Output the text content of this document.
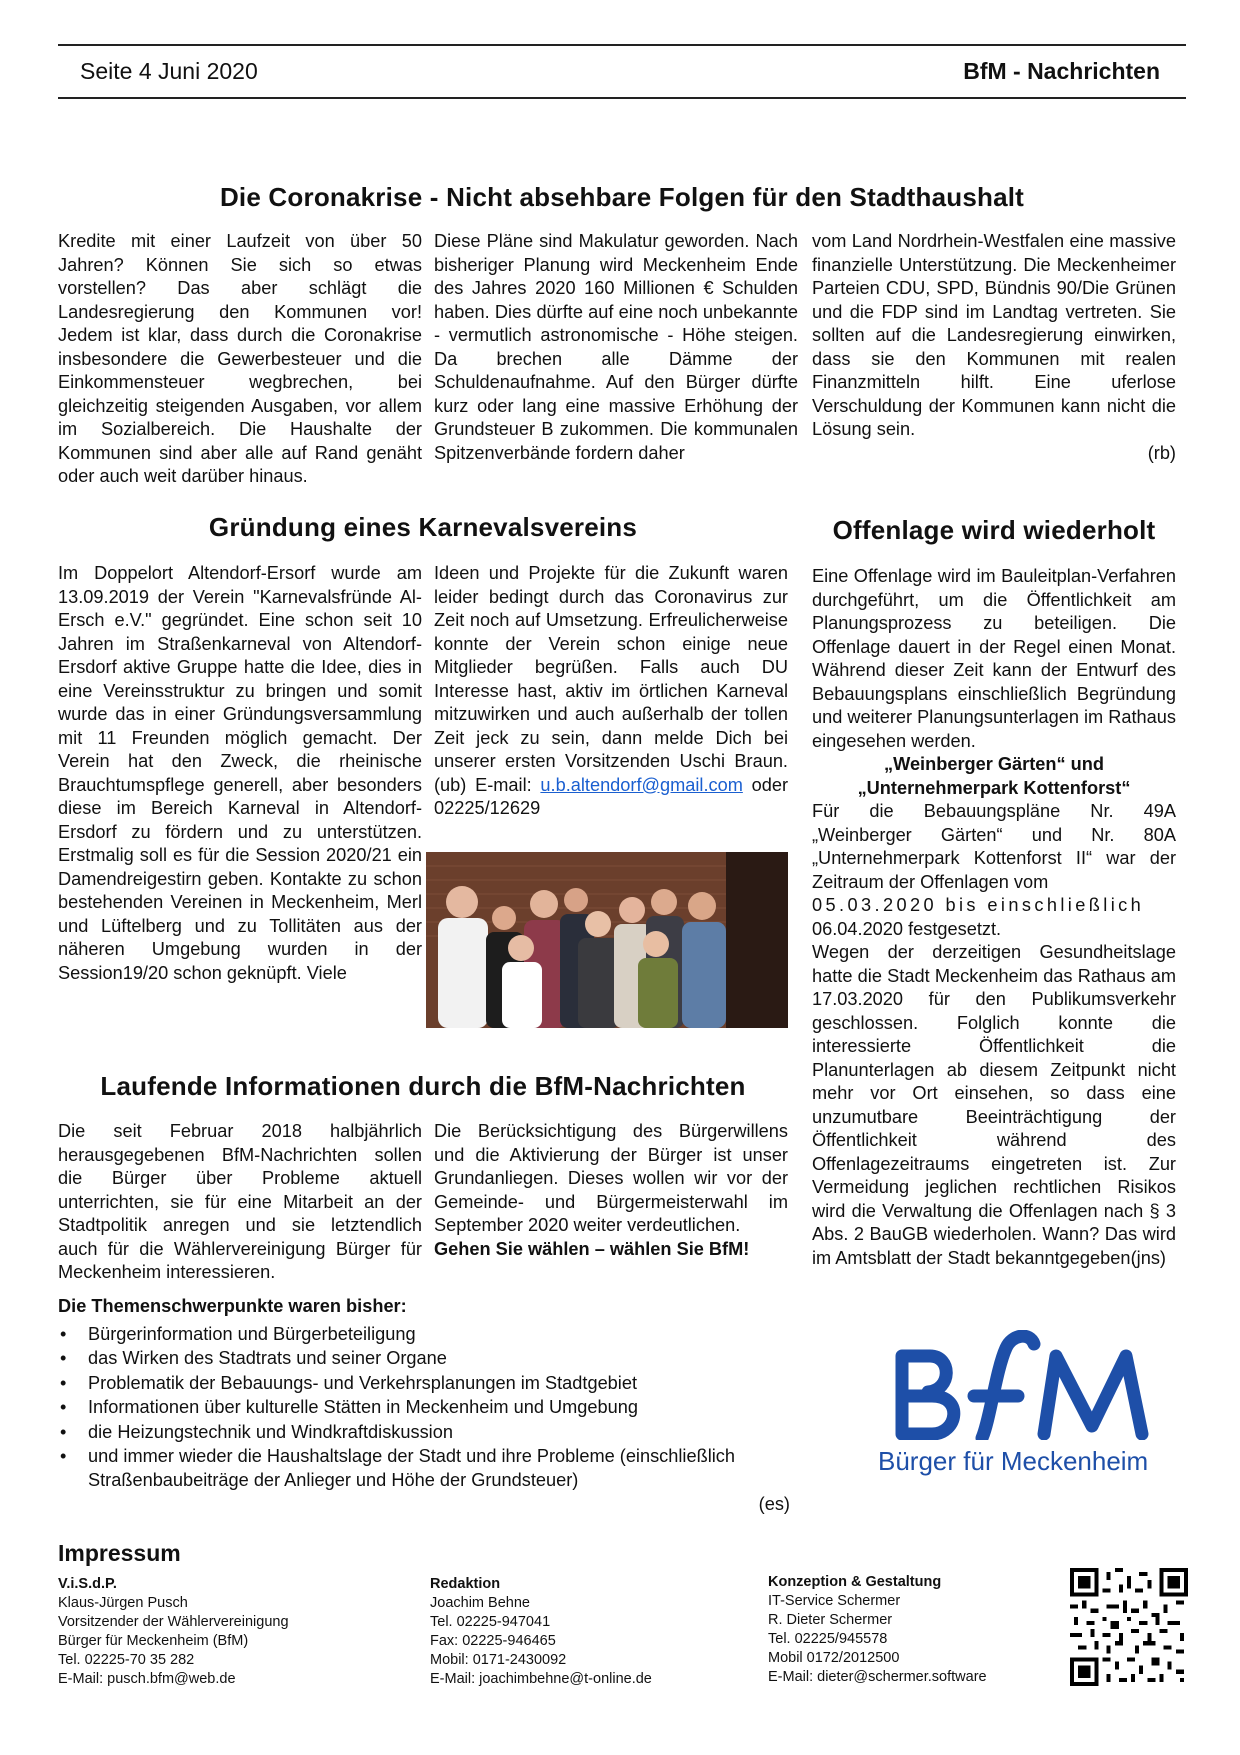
Seite 4 Juni 2020	BfM - Nachrichten
Die Coronakrise - Nicht absehbare Folgen für den Stadthaushalt

Kredite mit einer Laufzeit von über 50 Jahren? Können Sie sich so etwas vorstellen? Das aber schlägt die Landesregierung den Kommunen vor! Jedem ist klar, dass durch die Coronakrise insbesondere die Gewerbesteuer und die Einkommensteuer wegbrechen, bei gleichzeitig steigenden Ausgaben, vor allem im Sozialbereich. Die Haushalte der Kommunen sind aber alle auf Rand genäht oder auch weit darüber hinaus.

Diese Pläne sind Makulatur geworden. Nach bisheriger Planung wird Meckenheim Ende des Jahres 2020 160 Millionen € Schulden haben. Dies dürfte auf eine noch unbekannte - vermutlich astronomische - Höhe steigen. Da brechen alle Dämme der Schuldenaufnahme. Auf den Bürger dürfte kurz oder lang eine massive Erhöhung der Grundsteuer B zukommen. Die kommunalen Spitzenverbände fordern daher

vom Land Nordrhein-Westfalen eine massive finanzielle Unterstützung. Die Meckenheimer Parteien CDU, SPD, Bündnis 90/Die Grünen und die FDP sind im Landtag vertreten. Sie sollten auf die Landesregierung einwirken, dass sie den Kommunen mit realen Finanzmitteln hilft. Eine uferlose Verschuldung der Kommunen kann nicht die Lösung sein.

(rb)
Gründung eines Karnevalsvereins

Im Doppelort Altendorf-Ersorf wurde am 13.09.2019 der Verein "Karnevalsfründe Al-Ersch e.V." gegründet. Eine schon seit 10 Jahren im Straßenkarneval von Altendorf-Ersdorf aktive Gruppe hatte die Idee, dies in eine Vereinsstruktur zu bringen und somit wurde das in einer Gründungsversammlung mit 11 Freunden möglich gemacht. Der Verein hat den Zweck, die rheinische Brauchtumspflege generell, aber besonders diese im Bereich Karneval in Altendorf-Ersdorf zu fördern und zu unterstützen. Erstmalig soll es für die Session 2020/21 ein Damendreigestirn geben. Kontakte zu schon bestehenden Vereinen in Meckenheim, Merl und Lüftelberg und zu Tollitäten aus der näheren Umgebung wurden in der Session19/20 schon geknüpft. Viele

Ideen und Projekte für die Zukunft waren leider bedingt durch das Coronavirus zur Zeit noch auf Umsetzung. Erfreulicherweise konnte der Verein schon einige neue Mitglieder begrüßen. Falls auch DU Interesse hast, aktiv im örtlichen Karneval mitzuwirken und auch außerhalb der tollen Zeit jeck zu sein, dann melde Dich bei unserer ersten Vorsitzenden Uschi Braun. (ub) E-mail: u.b.altendorf@gmail.com oder 02225/12629

Offenlage wird wiederholt

Eine Offenlage wird im Bauleitplan-Verfahren durchgeführt, um die Öffentlichkeit am Planungsprozess zu beteiligen. Die Offenlage dauert in der Regel einen Monat. Während dieser Zeit kann der Entwurf des Bebauungsplans einschließlich Begründung und weiterer Planungsunterlagen im Rathaus eingesehen werden.

„Weinberger Gärten“ und

„Unternehmerpark Kottenforst“

Für die Bebauungspläne Nr. 49A „Weinberger Gärten“ und Nr. 80A „Unternehmerpark Kottenforst II“ war der Zeitraum der Offenlagen vom

05.03.2020 bis einschließlich

06.04.2020 festgesetzt.

Wegen der derzeitigen Gesundheitslage hatte die Stadt Meckenheim das Rathaus am 17.03.2020 für den Publikumsverkehr geschlossen. Folglich konnte die interessierte Öffentlichkeit die Planunterlagen ab diesem Zeitpunkt nicht mehr vor Ort einsehen, so dass eine unzumutbare Beeinträchtigung der Öffentlichkeit während des Offenlagezeitraums eingetreten ist. Zur Vermeidung jeglichen rechtlichen Risikos wird die Verwaltung die Offenlagen nach § 3 Abs. 2 BauGB wiederholen. Wann? Das wird im Amtsblatt der Stadt bekanntgegeben.

(jns)
Laufende Informationen durch die BfM-Nachrichten

Die seit Februar 2018 halbjährlich herausgegebenen BfM-Nachrichten sollen die Bürger über Probleme aktuell unterrichten, sie für eine Mitarbeit an der Stadtpolitik anregen und sie letztendlich auch für die Wählervereinigung Bürger für Meckenheim interessieren.

Die Berücksichtigung des Bürgerwillens und die Aktivierung der Bürger ist unser Grundanliegen. Dieses wollen wir vor der Gemeinde- und Bürgermeisterwahl im September 2020 weiter verdeutlichen.

Gehen Sie wählen – wählen Sie BfM!

Die Themenschwerpunkte waren bisher:
• Bürgerinformation und Bürgerbeteiligung
• das Wirken des Stadtrats und seiner Organe
• Problematik der Bebauungs- und Verkehrsplanungen im Stadtgebiet
• Informationen über kulturelle Stätten in Meckenheim und Umgebung
• die Heizungstechnik und Windkraftdiskussion
• und immer wieder die Haushaltslage der Stadt und ihre Probleme (einschließlich Straßenbaubeiträge der Anlieger und Höhe der Grundsteuer)
(es)
Bürger für Meckenheim
Impressum
V.i.S.d.P.
Klaus-Jürgen Pusch
Vorsitzender der Wählervereinigung
Bürger für Meckenheim (BfM)
Tel. 02225-70 35 282
E-Mail: pusch.bfm@web.de
Redaktion
Joachim Behne
Tel. 02225-947041
Fax: 02225-946465
Mobil: 0171-2430092
E-Mail: joachimbehne@t-online.de
Konzeption & Gestaltung
IT-Service Schermer
R. Dieter Schermer
Tel. 02225/945578
Mobil 0172/2012500
E-Mail: dieter@schermer.software
